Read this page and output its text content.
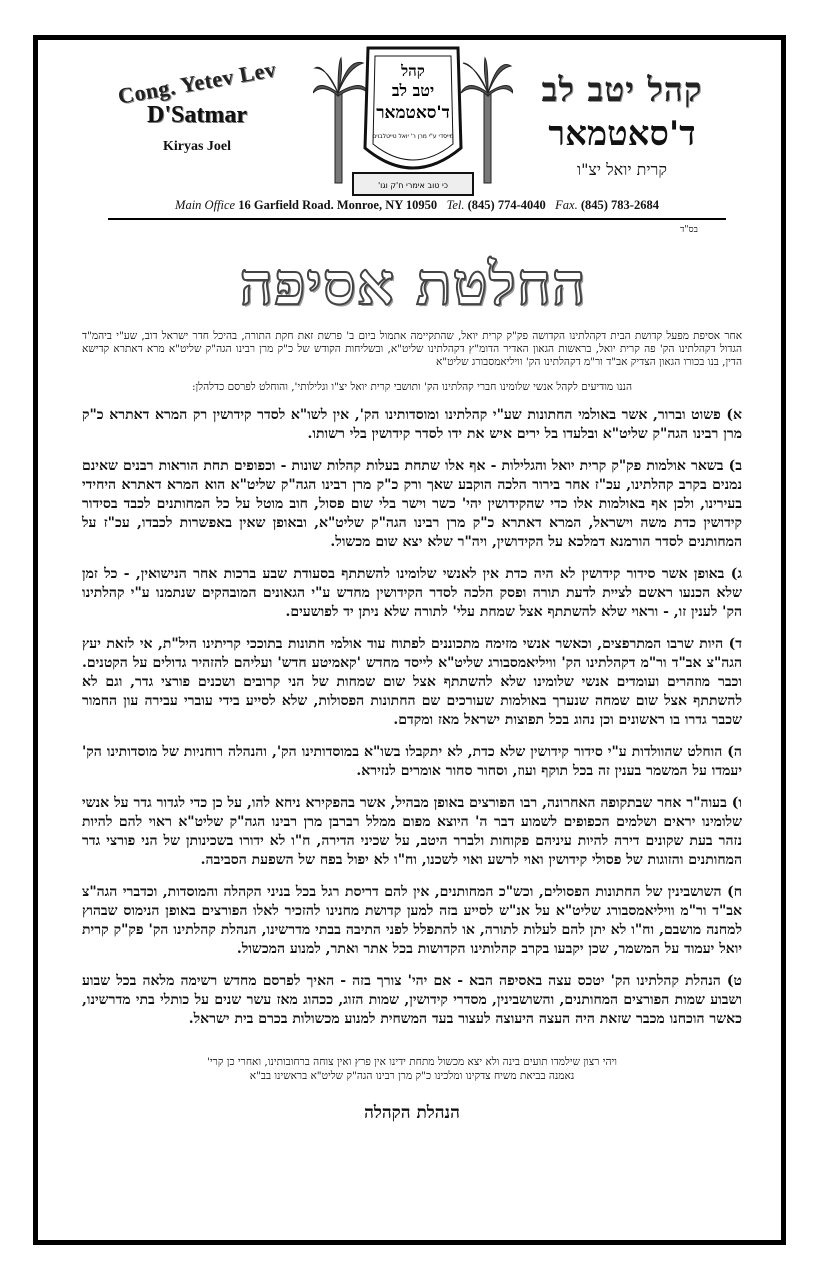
Cong. Yetev Lev
D'Satmar
Kiryas Joel
קהל
יטב לב
ד'סאטמאר
מייסדי ע"י מרן ר' יואל טייטלבוים
כי טוב אימרי ח'ק וגו'
קהל יטב לב
ד'סאטמאר
קרית יואל יצ"ו
Main Office 16 Garfield Road. Monroe, NY 10950 Tel. (845) 774-4040 Fax. (845) 783-2684
בס"ד
החלטת אסיפה
אחר אסיפת מפעל קדושת הבית דקהלתינו הקדושה פק"ק קרית יואל, שהתקיימה אתמול ביום ב' פרשת זאת חקת התורה, בהיכל חדר ישראל דוב, שע"י ביהמ"ד הגדול דקהלתינו הק' פה קרית יואל, בראשות הגאון האדיר הדומ"ץ דקהלתינו שליט"א, ובשליחות הקודש של כ"ק מרן רבינו הגה"ק שליט"א מרא דאתרא קדישא הדין, בנו בכורו הגאון הצדיק אב"ד ור"מ דקהלתינו הק' וויליאמסבורג שליט"א
הננו מודיעים לקהל אנשי שלומינו חברי קהלתינו הק' ותושבי קרית יואל יצ"ו וגלילותי', והוחלט לפרסם כדלהלן:
א) פשוט וברור, אשר באולמי החתונות שע"י קהלתינו ומוסדותינו הק', אין לשו"א לסדר קידושין רק המרא דאתרא כ"ק מרן רבינו הגה"ק שליט"א ובלעדו בל ירים איש את ידו לסדר קידושין בלי רשותו.
ב) בשאר אולמות פק"ק קרית יואל והגלילות - אף אלו שתחת בעלות קהלות שונות - וכפופים תחת הוראות רבנים שאינם נמנים בקרב קהלתינו, עכ"ז אחר בירור הלכה הוקבע שאך ורק כ"ק מרן רבינו הגה"ק שליט"א הוא המרא דאתרא היחידי בעירינו, ולכן אף באולמות אלו כדי שהקידושין יהי' כשר וישר בלי שום פסול, חוב מוטל על כל המחותנים לכבד בסידור קידושין כדת משה וישראל, המרא דאתרא כ"ק מרן רבינו הגה"ק שליט"א, ובאופן שאין באפשרות לכבדו, עכ"ז על המחותנים לסדר הורמנא דמלכא על הקידושין, ויה"ר שלא יצא שום מכשול.
ג) באופן אשר סידור קידושין לא היה כדת אין לאנשי שלומינו להשתתף בסעודת שבע ברכות אחר הנישואין, - כל זמן שלא הכנעו ראשם לציית לדעת תורה ופסק הלכה לסדר הקידושין מחדש ע"י הגאונים המובהקים שנתמנו ע"י קהלתינו הק' לענין זו, - וראוי שלא להשתתף אצל שמחת עלי' לתורה שלא ניתן יד לפושעים.
ד) היות שרבו המתרפצים, וכאשר אנשי מזימה מתכוננים לפתוח עוד אולמי חתונות בתוככי קריתינו היל"ת, אי לזאת יעץ הגה"צ אב"ד ור"מ דקהלתינו הק' וויליאמסבורג שליט"א לייסד מחדש 'קאמיטע חדש' ועליהם להזהיר גדולים על הקטנים. וכבר מוזהרים ועומדים אנשי שלומינו שלא להשתתף אצל שום שמחות של הני קרובים ושכנים פורצי גדר, וגם לא להשתתף אצל שום שמחה שנערך באולמות שעורכים שם החתונות הפסולות, שלא לסייע בידי עוברי עבירה עון החמור שכבר גדרו בו ראשונים וכן נהוג בכל תפוצות ישראל מאז ומקדם.
ה) הוחלט שהוולדות ע"י סידור קידושין שלא כדת, לא יתקבלו בשו"א במוסדותינו הק', והנהלה רוחניות של מוסדותינו הק' יעמדו על המשמר בענין זה בכל תוקף ועוז, וסחור סחור אומרים לנזירא.
ו) בעוה"ר אחר שבתקופה האחרונה, רבו הפורצים באופן מבהיל, אשר בהפקירא ניחא להו, על כן כדי לגדור גדר על אנשי שלומינו יראים ושלמים הכפופים לשמוע דבר ה' היוצא מפום ממלל רברבן מרן רבינו הגה"ק שליט"א ראוי להם להיות נזהר בעת שקונים דירה להיות עיניהם פקוחות ולברר היטב, על שכיני הדירה, ח"ו לא ידורו בשכינותן של הני פורצי גדר המחותנים והזוגות של פסולי קידושין ואוי לרשע ואוי לשכנו, וח"ו לא יפול בפח של השפעת הסביבה.
ח) השושבינין של החתונות הפסולים, וכש"כ המחותנים, אין להם דריסת רגל בכל בניני הקהלה והמוסדות, וכדברי הגה"צ אב"ד ור"מ וויליאמסבורג שליט"א על אנ"ש לסייע בזה למען קדושת מחנינו להזכיר לאלו הפורצים באופן הנימוס שבהוץ למחנה מושבם, וח"ו לא יתן להם לעלות לתורה, או להתפלל לפני התיבה בבתי מדרשינו, הנהלת קהלתינו הק' פק"ק קרית יואל יעמוד על המשמר, שכן יקבעו בקרב קהלותינו הקדושות בכל אתר ואתר, למנוע המכשול.
ט) הנהלת קהלתינו הק' יטכס עצה באסיפה הבא - אם יהי' צורך בזה - האיך לפרסם מחדש רשימה מלאה בכל שבוע ושבוע שמות הפורצים המחותנים, והשושבינין, מסדרי קידושין, שמות הזוג, ככהוג מאז עשר שנים על כותלי בתי מדרשינו, כאשר הוכחנו מכבר שזאת היה העצה היעוצה לעצור בעד המשחית למנוע מכשולות בכרם בית ישראל.
ויהי רצון שילמדו תועים בינה ולא יצא מכשול מתחת ידינו אין פרץ ואין צוחה ברחובותינו, ואחרי כן קרי'
נאמנה בביאת משיח צדקינו ומלכינו כ"ק מרן רבינו הגה"ק שליט"א בראשינו בב"א
הנהלת הקהלה
